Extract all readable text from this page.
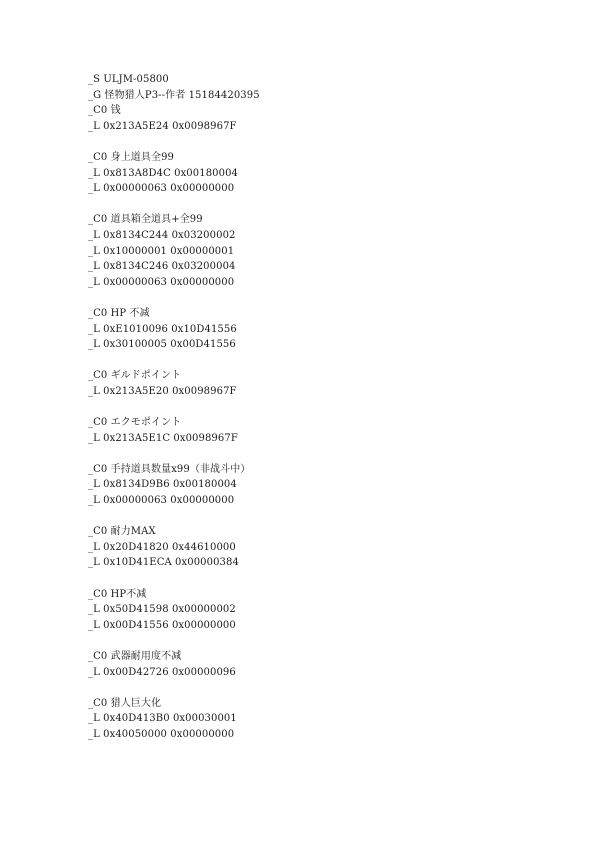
_S ULJM-05800
_G 怪物猎人P3--作者 15184420395
_C0 钱
_L 0x213A5E24 0x0098967F
_C0 身上道具全99
_L 0x813A8D4C 0x00180004
_L 0x00000063 0x00000000
_C0 道具箱全道具+全99
_L 0x8134C244 0x03200002
_L 0x10000001 0x00000001
_L 0x8134C246 0x03200004
_L 0x00000063 0x00000000
_C0 HP 不减
_L 0xE1010096 0x10D41556
_L 0x30100005 0x00D41556
_C0 ギルドポイント
_L 0x213A5E20 0x0098967F
_C0 エクモポイント
_L 0x213A5E1C 0x0098967F
_C0 手持道具数量x99（非战斗中）
_L 0x8134D9B6 0x00180004
_L 0x00000063 0x00000000
_C0 耐力MAX
_L 0x20D41820 0x44610000
_L 0x10D41ECA 0x00000384
_C0 HP不减
_L 0x50D41598 0x00000002
_L 0x00D41556 0x00000000
_C0 武器耐用度不减
_L 0x00D42726 0x00000096
_C0 猎人巨大化
_L 0x40D413B0 0x00030001
_L 0x40050000 0x00000000
